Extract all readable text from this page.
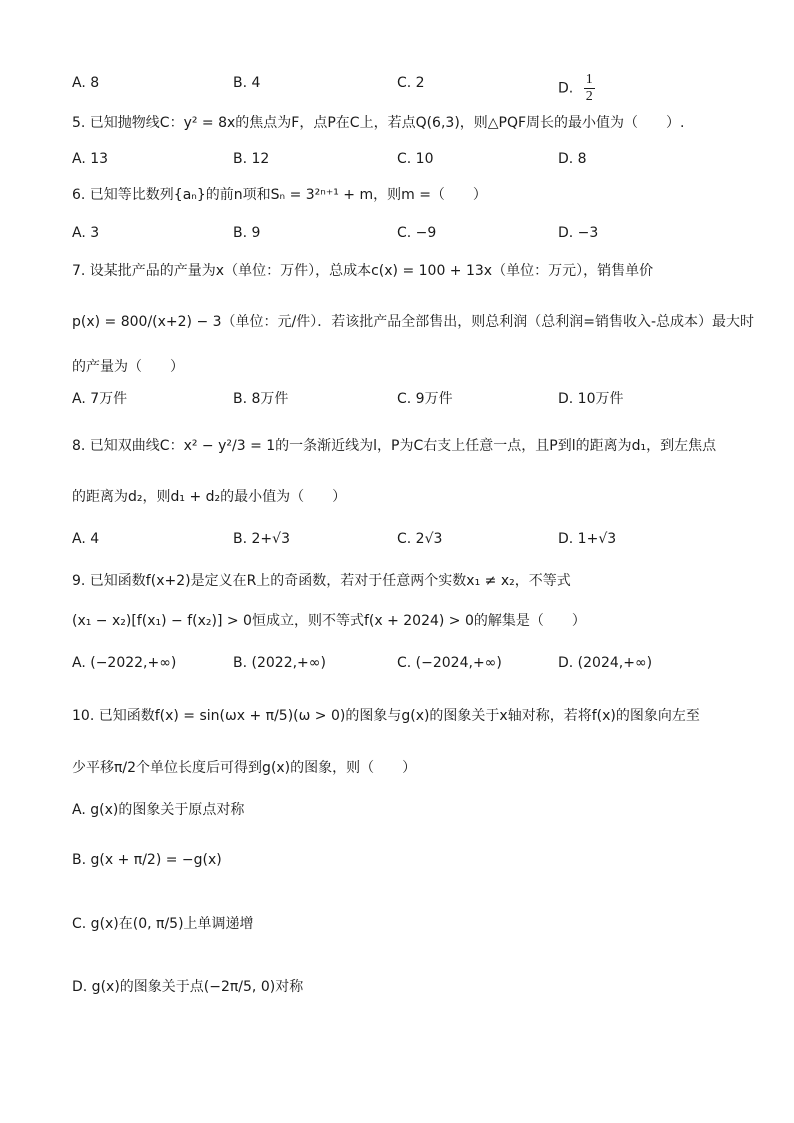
A. 8	B. 4	C. 2	D. $\frac{1}{2}$
5. 已知抛物线C：y² = 8x的焦点为F，点P在C上，若点Q(6,3)，则△PQF周长的最小值为（　　）.
A. 13	B. 12	C. 10	D. 8
6. 已知等比数列{aₙ}的前n项和Sₙ = 3²ⁿ⁺¹ + m，则m =（　　）
A. 3	B. 9	C. −9	D. −3
7. 设某批产品的产量为x（单位：万件），总成本c(x) = 100 + 13x（单位：万元），销售单价
p(x) = 800/(x+2) − 3（单位：元/件）．若该批产品全部售出，则总利润（总利润=销售收入-总成本）最大时
的产量为（　　）
A. 7万件	B. 8万件	C. 9万件	D. 10万件
8. 已知双曲线C：x² − y²/3 = 1的一条渐近线为l，P为C右支上任意一点，且P到l的距离为d₁，到左焦点
的距离为d₂，则d₁ + d₂的最小值为（　　）
A. 4	B. 2+√3	C. 2√3	D. 1+√3
9. 已知函数f(x+2)是定义在R上的奇函数，若对于任意两个实数x₁ ≠ x₂，不等式
(x₁ − x₂)[f(x₁) − f(x₂)] > 0恒成立，则不等式f(x + 2024) > 0的解集是（　　）
A. (−2022,+∞)	B. (2022,+∞)	C. (−2024,+∞)	D. (2024,+∞)
10. 已知函数f(x) = sin(ωx + π/5)(ω > 0)的图象与g(x)的图象关于x轴对称，若将f(x)的图象向左至
少平移π/2个单位长度后可得到g(x)的图象，则（　　）
A. g(x)的图象关于原点对称
B. g(x + π/2) = −g(x)
C. g(x)在(0, π/5)上单调递增
D. g(x)的图象关于点(−2π/5, 0)对称
